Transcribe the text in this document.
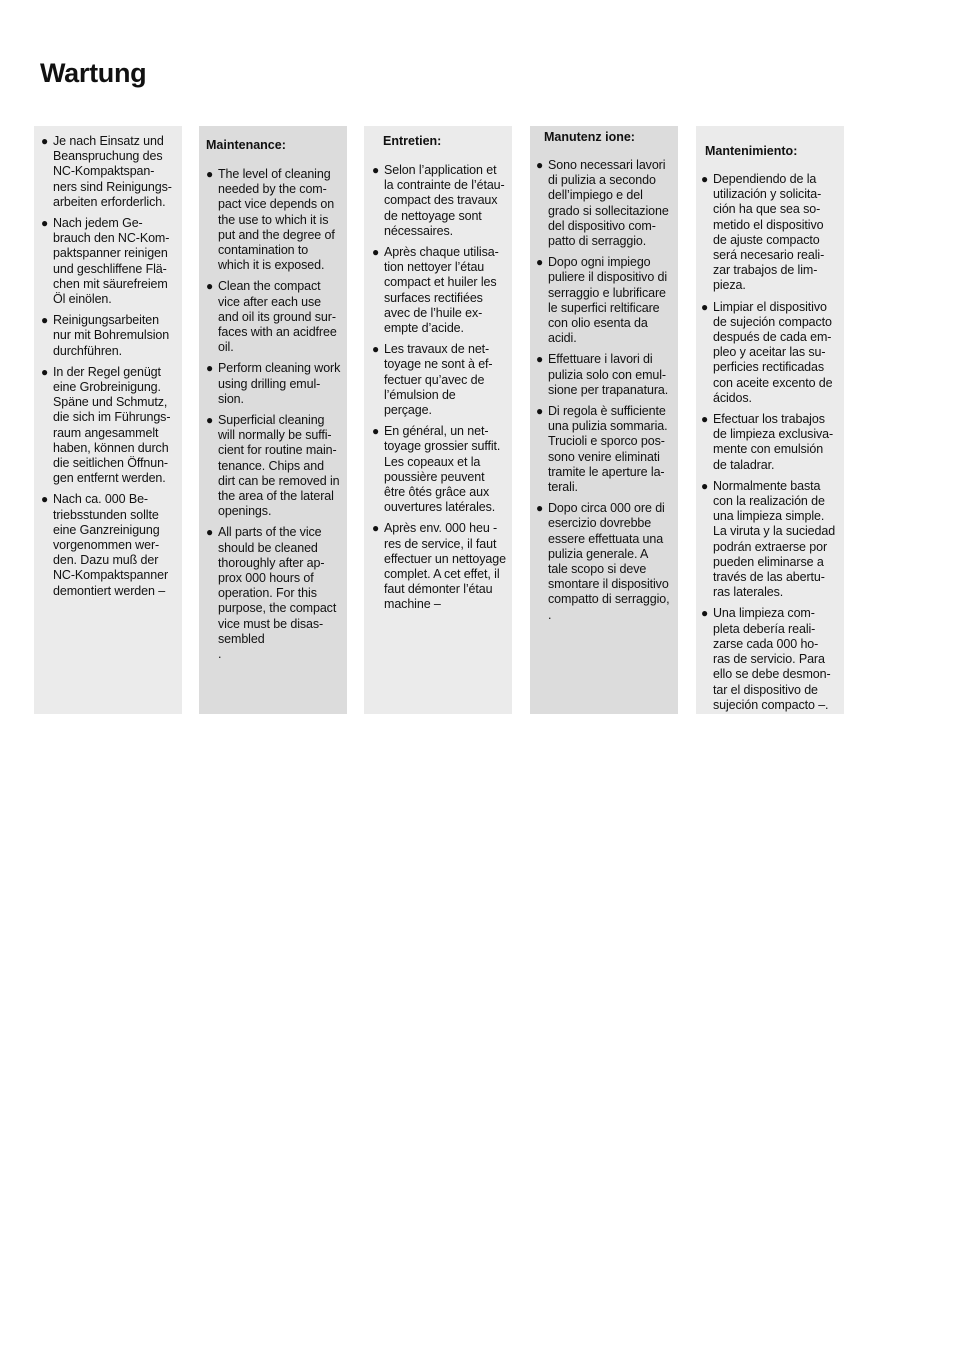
Wartung
● Je nach Einsatz und
Beanspruchung des
NC-Kompaktspan-
ners sind Reinigungs-
arbeiten erforderlich.
● Nach jedem Ge-
brauch den NC-Kom-
paktspanner reinigen
und geschliffene Flä-
chen mit säurefreiem
Öl einölen.
● Reinigungsarbeiten
nur mit Bohremulsion
durchführen.
● In der Regel genügt
eine Grobreinigung.
Späne und Schmutz,
die sich im Führungs-
raum angesammelt
haben, können durch
die seitlichen Öffnun-
gen entfernt werden.
● Nach ca. 000 Be-
triebsstunden sollte
eine Ganzreinigung
vorgenommen wer-
den. Dazu muß der
NC-Kompaktspanner
demontiert werden –
Maintenance:
● The level of cleaning
needed by the com-
pact vice depends on
the use to which it is
put and the degree of
contamination to
which it is exposed.
● Clean the compact
vice after each use
and oil its ground sur-
faces with an acidfree
oil.
● Perform cleaning work
using drilling emul-
sion.
● Superficial cleaning
will normally be suffi-
cient for routine main-
tenance. Chips and
dirt can be removed in
the area of the lateral
openings.
● All parts of the vice
should be cleaned
thoroughly after ap-
prox 000 hours of
operation. For this
purpose, the compact
vice must be disas-
sembled
.
Entretien:
● Selon l’application et
la contrainte de l’étau-
compact des travaux
de nettoyage sont
nécessaires.
● Après chaque utilisa-
tion nettoyer l’étau
compact et huiler les
surfaces rectifiées
avec de l’huile ex-
empte d’acide.
● Les travaux de net-
toyage ne sont à ef-
fectuer qu’avec de
l’émulsion de
perçage.
● En général, un net-
toyage grossier suffit.
Les copeaux et la
poussière peuvent
être ôtés grâce aux
ouvertures latérales.
● Après env. 000 heu -
res de service, il faut
effectuer un nettoyage
complet. A cet effet, il
faut démonter l’étau
machine –
Manutenz ione:
● Sono necessari lavori
di pulizia a secondo
dell’impiego e del
grado si sollecitazione
del dispositivo com-
patto di serraggio.
● Dopo ogni impiego
puliere il dispositivo di
serraggio e lubrificare
le superfici reltificare
con olio esenta da
acidi.
● Effettuare i lavori di
pulizia solo con emul-
sione per trapanatura.
● Di regola è sufficiente
una pulizia sommaria.
Trucioli e sporco pos-
sono venire eliminati
tramite le aperture la-
terali.
● Dopo circa 000 ore di
esercizio dovrebbe
essere effettuata una
pulizia generale. A
tale scopo si deve
smontare il dispositivo
compatto di serraggio,
.
Mantenimiento:
● Dependiendo de la
utilización y solicita-
ción ha que sea so-
metido el dispositivo
de ajuste compacto
será necesario reali-
zar trabajos de lim-
pieza.
● Limpiar el dispositivo
de sujeción compacto
después de cada em-
pleo y aceitar las su-
perficies rectificadas
con aceite excento de
ácidos.
● Efectuar los trabajos
de limpieza exclusiva-
mente con emulsión
de taladrar.
● Normalmente basta
con la realización de
una limpieza simple.
La viruta y la suciedad
podrán extraerse por
pueden eliminarse a
través de las abertu-
ras laterales.
● Una limpieza com-
pleta debería reali-
zarse cada 000 ho-
ras de servicio. Para
ello se debe desmon-
tar el dispositivo de
sujeción compacto –.
